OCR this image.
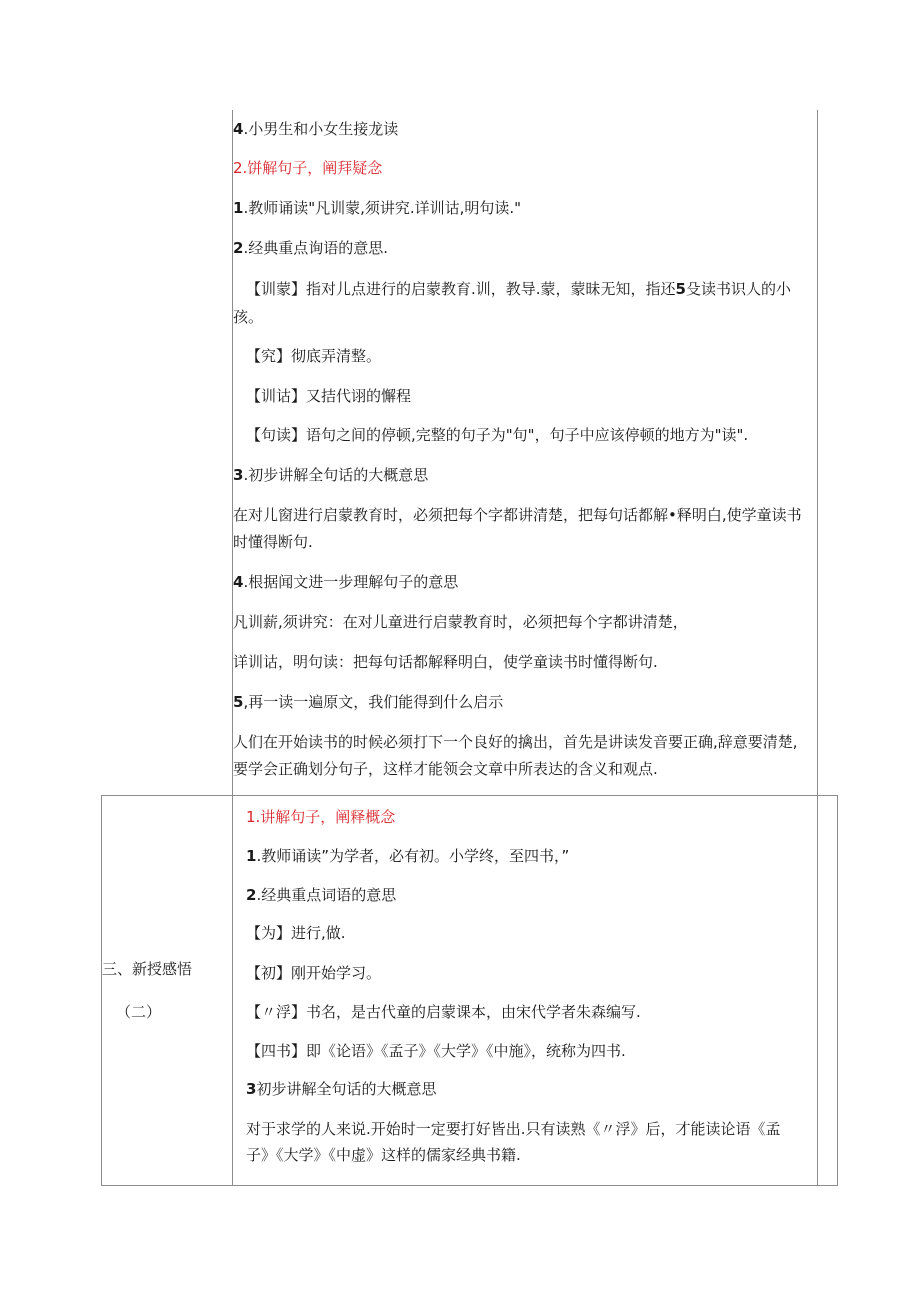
4.小男生和小女生接龙读
2.饼解句子，阐拜疑念
1.教师诵读"凡训蒙,须讲究.详训诂,明句读."
2.经典重点询语的意思.
【训蒙】指对儿点进行的启蒙教育.训，教导.蒙，蒙昧无知，指还5殳读书识人的小
孩。
【究】彻底弄清整。
【训诂】又拮代诩的懈程
【句读】语句之间的停顿,完整的句子为"句"，句子中应该停顿的地方为"读".
3.初步讲解全句话的大概意思
在对儿窗进行启蒙教育时，必须把每个字都讲清楚，把每句话都解•释明白,使学童读书
时懂得断句.
4.根据闻文进一步理解句子的意思
凡训薪,须讲究：在对儿童进行启蒙教育时，必须把每个字都讲清楚，
详训诂，明句读：把每句话都解释明白，使学童读书时懂得断句.
5,再一读一遍原文，我们能得到什么启示
人们在开始读书的时候必须打下一个良好的擒出，首先是讲读发音要正确,辞意要清楚,
要学会正确划分句子，这样才能领会文章中所表达的含义和观点.
三、新授感悟
（二）
1.讲解句子，阐释概念
1.教师诵读”为学者，必有初。小学终，至四书，”
2.经典重点词语的意思
【为】进行,做.
【初】刚开始学习。
【〃浮】书名，是古代童的启蒙课本，由宋代学者朱森编写.
【四书】即《论语》《孟子》《大学》《中施》，统称为四书.
3初步讲解全句话的大概意思
对于求学的人来说.开始时一定要打好皆出.只有读熟《〃浮》后，才能读论语《孟
子》《大学》《中虚》这样的儒家经典书籍.
